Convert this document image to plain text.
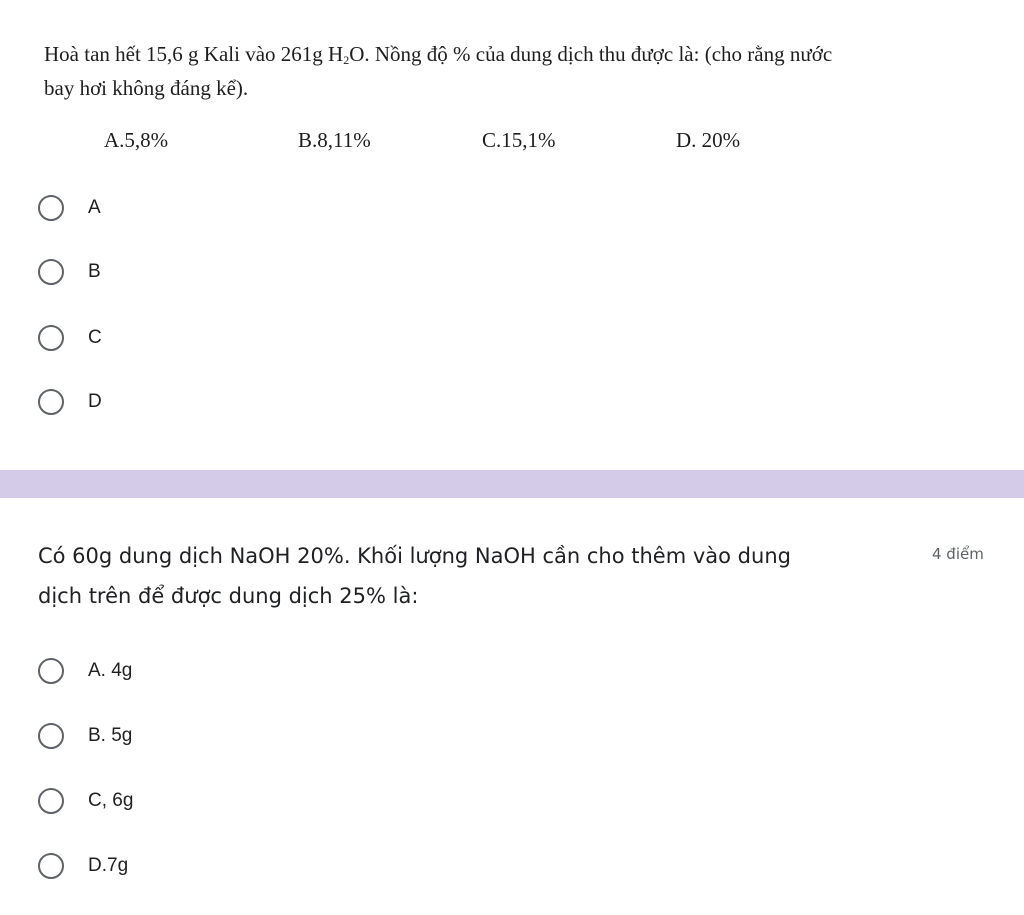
Hoà tan hết 15,6 g Kali vào 261g $H_2O$. Nồng độ % của dung dịch thu được là: (cho rằng nước
bay hơi không đáng kể).
A.5,8%	B.8,11%	C.15,1%	D. 20%
A
B
C
D
Có 60g dung dịch NaOH 20%. Khối lượng NaOH cần cho thêm vào dung
dịch trên để được dung dịch 25% là:
4 điểm
A. 4g
B. 5g
C, 6g
D.7g
